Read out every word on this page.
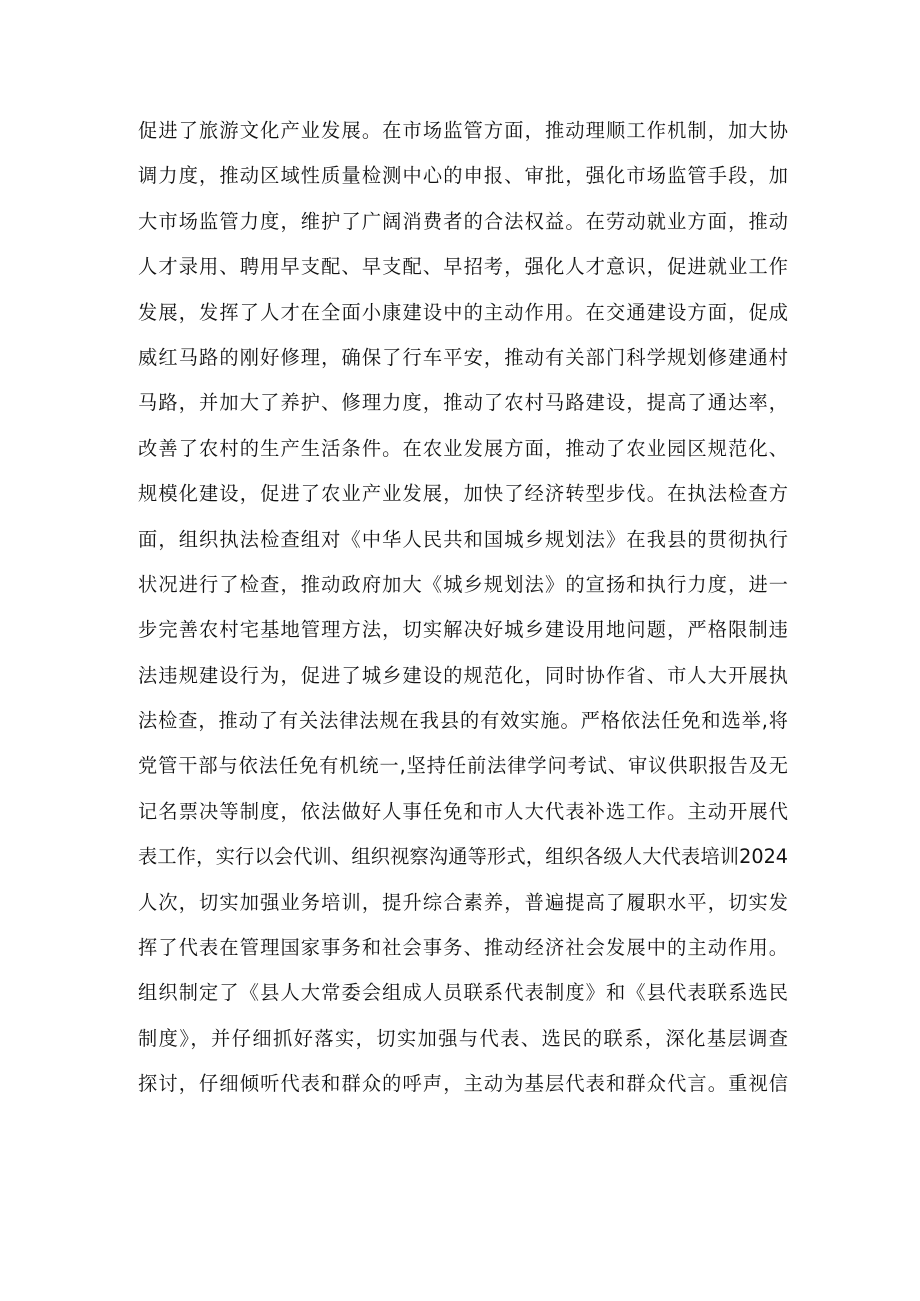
促进了旅游文化产业发展。在市场监管方面，推动理顺工作机制，加大协
调力度，推动区域性质量检测中心的申报、审批，强化市场监管手段，加
大市场监管力度，维护了广阔消费者的合法权益。在劳动就业方面，推动
人才录用、聘用早支配、早支配、早招考，强化人才意识，促进就业工作
发展，发挥了人才在全面小康建设中的主动作用。在交通建设方面，促成
威红马路的刚好修理，确保了行车平安，推动有关部门科学规划修建通村
马路，并加大了养护、修理力度，推动了农村马路建设，提高了通达率，
改善了农村的生产生活条件。在农业发展方面，推动了农业园区规范化、
规模化建设，促进了农业产业发展，加快了经济转型步伐。在执法检查方
面，组织执法检查组对《中华人民共和国城乡规划法》在我县的贯彻执行
状况进行了检查，推动政府加大《城乡规划法》的宣扬和执行力度，进一
步完善农村宅基地管理方法，切实解决好城乡建设用地问题，严格限制违
法违规建设行为，促进了城乡建设的规范化，同时协作省、市人大开展执
法检查，推动了有关法律法规在我县的有效实施。严格依法任免和选举,将
党管干部与依法任免有机统一,坚持任前法律学问考试、审议供职报告及无
记名票决等制度，依法做好人事任免和市人大代表补选工作。主动开展代
表工作，实行以会代训、组织视察沟通等形式，组织各级人大代表培训2024
人次，切实加强业务培训，提升综合素养，普遍提高了履职水平，切实发
挥了代表在管理国家事务和社会事务、推动经济社会发展中的主动作用。
组织制定了《县人大常委会组成人员联系代表制度》和《县代表联系选民
制度》，并仔细抓好落实，切实加强与代表、选民的联系，深化基层调查
探讨，仔细倾听代表和群众的呼声，主动为基层代表和群众代言。重视信
